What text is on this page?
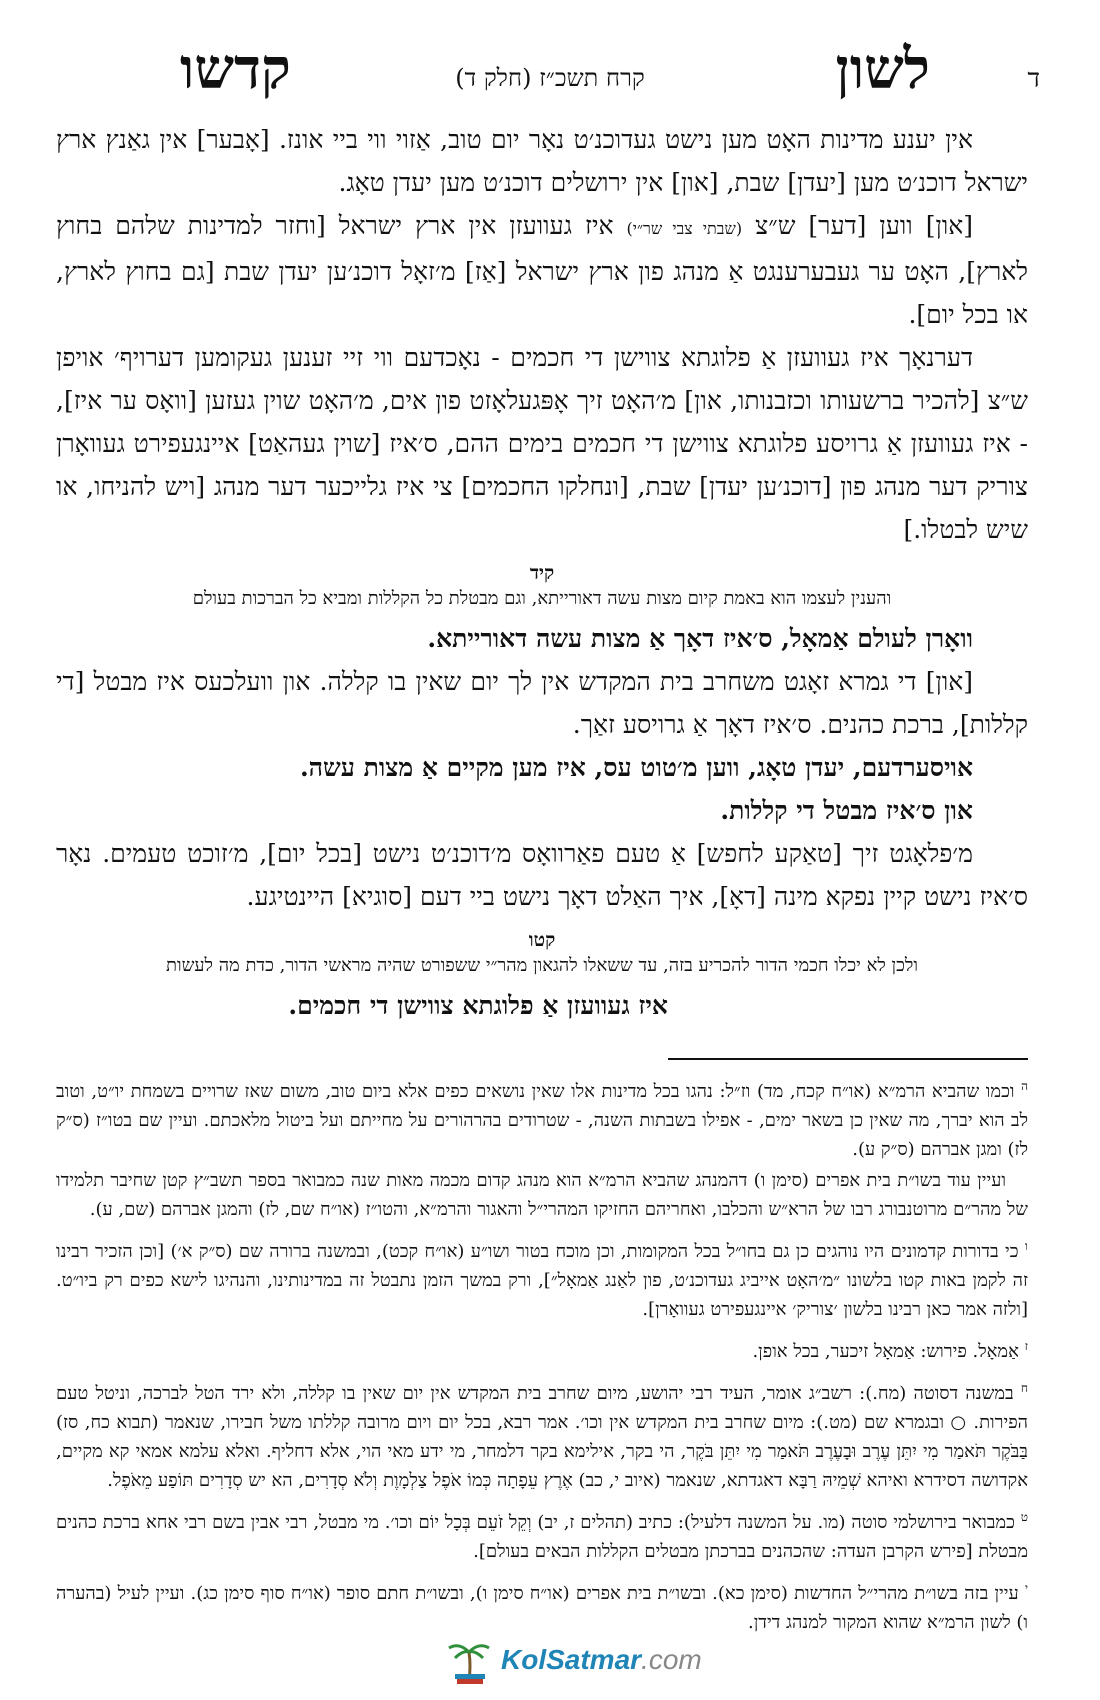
ד
לשון
קרח תשכ״ז (חלק ד)
קדשו

אין יענע מדינות האָט מען נישט געדוכנ׳ט נאָר יום טוב, אַזוי ווי ביי אונז. [אָבער] אין גאַנץ ארץ ישראל דוכנ׳ט מען [יעדן] שבת, [און] אין ירושלים דוכנ׳ט מען יעדן טאָג.

[און] ווען [דער] ש״צ (שבתי צבי שר״י) איז געוועזן אין ארץ ישראל [וחזר למדינות שלהם בחוץ לארץ], האָט ער געבערענגט אַ מנהג פון ארץ ישראל [אַז] מ׳זאָל דוכנ׳ען יעדן שבת [גם בחוץ לארץ, או בכל יום].

דערנאָך איז געוועזן אַ פלוגתא צווישן די חכמים - נאָכדעם ווי זיי זענען געקומען דערויף׳ אויפן ש״צ [להכיר ברשעותו וכזבנותו, און] מ׳האָט זיך אָפּגעלאָזט פון אים, מ׳האָט שוין געזען [וואָס ער איז], - איז געוועזן אַ גרויסע פלוגתא צווישן די חכמים בימים ההם, ס׳איז [שוין געהאַט] איינגעפירט געוואָרן צוריק דער מנהג פון [דוכנ׳ען יעדן] שבת, [ונחלקו החכמים] צי איז גלייכער דער מנהג [ויש להניחו, או שיש לבטלו.]

קיד
והענין לעצמו הוא באמת קיום מצות עשה דאורייתא, וגם מבטלת כל הקללות ומביא כל הברכות בעולם

וואָרן לעולם אַמאָל, ס׳איז דאָך אַ מצות עשה דאורייתא.

[און] די גמרא זאָגט משחרב בית המקדש אין לך יום שאין בו קללה. און וועלכעס איז מבטל [די קללות], ברכת כהנים. ס׳איז דאָך אַ גרויסע זאַך.

אויסערדעם, יעדן טאָג, ווען מ׳טוט עס, איז מען מקיים אַ מצות עשה.

און ס׳איז מבטל די קללות.

מ׳פלאָגט זיך [טאַקע לחפש] אַ טעם פאַרוואָס מ׳דוכנ׳ט נישט [בכל יום], מ׳זוכט טעמים. נאָר ס׳איז נישט קיין נפקא מינה [דאָ], איך האַלט דאָך נישט ביי דעם [סוגיא] היינטיגע.

קטו
ולכן לא יכלו חכמי הדור להכריע בזה, עד ששאלו להגאון מהר״י ששפורט שהיה מראשי הדור, כדת מה לעשות

איז געוועזן אַ פלוגתא צווישן די חכמים.

$^ה$ וכמו שהביא הרמ״א (או״ח קכח, מד) וז״ל: נהגו בכל מדינות אלו שאין נושאים כפים אלא ביום טוב, משום שאז שרויים בשמחת יו״ט, וטוב לב הוא יברך, מה שאין כן בשאר ימים, - אפילו בשבתות השנה, - שטרודים בהרהורים על מחייתם ועל ביטול מלאכתם. ועיין שם בטו״ז (ס״ק לז) ומגן אברהם (ס״ק ע).

ועיין עוד בשו״ת בית אפרים (סימן ו) דהמנהג שהביא הרמ״א הוא מנהג קדום מכמה מאות שנה כמבואר בספר תשב״ץ קטן שחיבר תלמידו של מהר״ם מרוטנבורג רבו של הרא״ש והכלבו, ואחריהם החזיקו המהרי״ל והאגור והרמ״א, והטו״ז (או״ח שם, לז) והמגן אברהם (שם, ע).

$^ו$ כי בדורות קדמונים היו נוהגים כן גם בחו״ל בכל המקומות, וכן מוכח בטור ושו״ע (או״ח קכט), ובמשנה ברורה שם (ס״ק א׳) [וכן הזכיר רבינו זה לקמן באות קטו בלשונו ״מ׳האָט אייביג געדוכנ׳ט, פון לאַנג אַמאָל״], ורק במשך הזמן נתבטל זה במדינותינו, והנהיגו לישא כפים רק ביו״ט. [ולזה אמר כאן רבינו בלשון ׳צוריק׳ איינגעפירט געוואָרן].

$^ז$ אַמאָל. פירוש: אַמאָל זיכער, בכל אופן.

$^ח$ במשנה דסוטה (מח.): רשב״ג אומר, העיד רבי יהושע, מיום שחרב בית המקדש אין יום שאין בו קללה, ולא ירד הטל לברכה, וניטל טעם הפירות. ○ ובגמרא שם (מט.): מיום שחרב בית המקדש אין וכו׳. אמר רבא, בכל יום ויום מרובה קללתו משל חבירו, שנאמר (תבוא כח, סז) בַּבֹּקֶר תֹּאמַר מִי יִתֵּן עֶרֶב וּבָעֶרֶב תֹּאמַר מִי יִתֵּן בֹּקֶר, הי בקר, אילימא בקר דלמחר, מי ידע מאי הוי, אלא דחליף. ואלא עלמא אמאי קא מקיים, אקדושה דסידרא ואיהא שְׁמֵיהּ רַבָּא דאגדתא, שנאמר (איוב י, כב) אֶרֶץ עֵפָתָה כְּמוֹ אֹפֶל צַלְמָוֶת וְלֹא סְדָרִים, הא יש סְדָרִים תּוֹפַע מֵאֹפֶל.

$^ט$ כמבואר בירושלמי סוטה (מו. על המשנה דלעיל): כתיב (תהלים ז, יב) וְקֵל זֹעֵם בְּכָל יוֹם וכו׳. מי מבטל, רבי אבין בשם רבי אחא ברכת כהנים מבטלת [פירש הקרבן העדה: שהכהנים בברכתן מבטלים הקללות הבאים בעולם].

$^י$ עיין בזה בשו״ת מהרי״ל החדשות (סימן כא). ובשו״ת בית אפרים (או״ח סימן ו), ובשו״ת חתם סופר (או״ח סוף סימן כג). ועיין לעיל (בהערה ו) לשון הרמ״א שהוא המקור למנהג דידן.

KolSatmar.com
